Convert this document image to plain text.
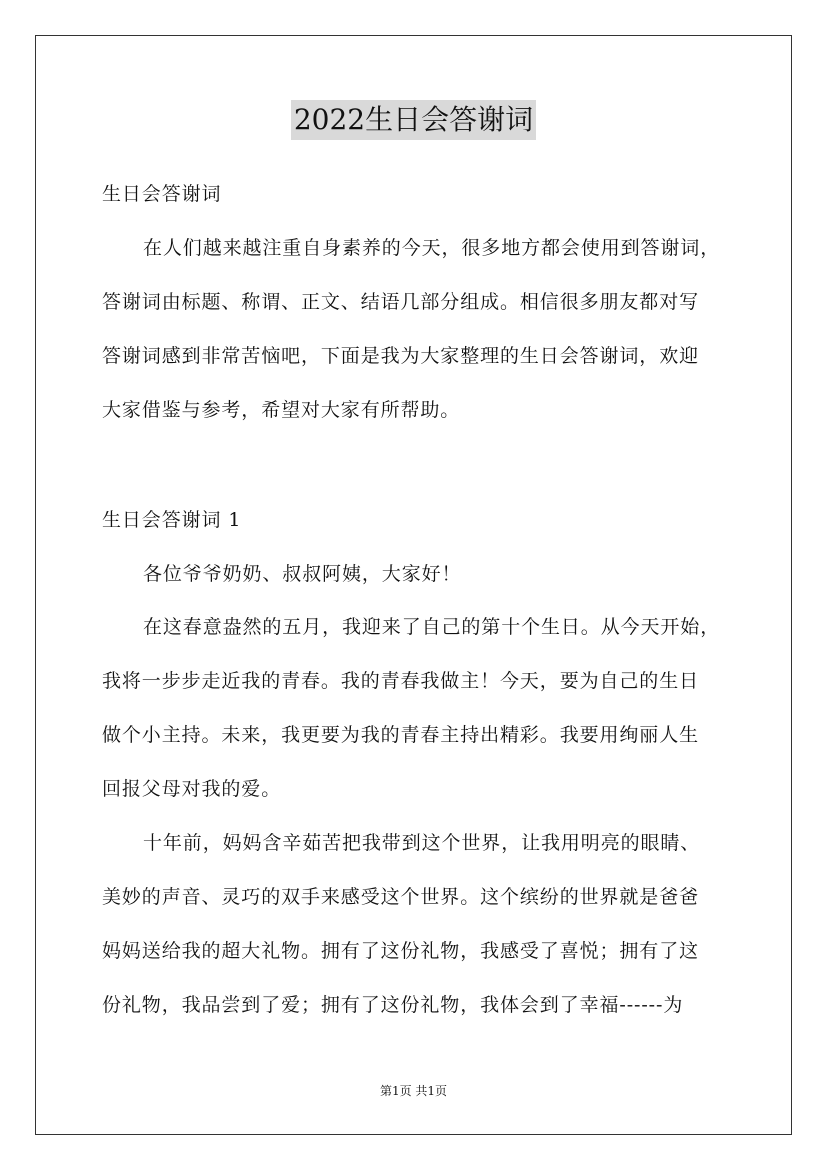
2022生日会答谢词
生日会答谢词
在人们越来越注重自身素养的今天，很多地方都会使用到答谢词，
答谢词由标题、称谓、正文、结语几部分组成。相信很多朋友都对写
答谢词感到非常苦恼吧，下面是我为大家整理的生日会答谢词，欢迎
大家借鉴与参考，希望对大家有所帮助。
生日会答谢词 1
各位爷爷奶奶、叔叔阿姨，大家好！
在这春意盎然的五月，我迎来了自己的第十个生日。从今天开始，
我将一步步走近我的青春。我的青春我做主！今天，要为自己的生日
做个小主持。未来，我更要为我的青春主持出精彩。我要用绚丽人生
回报父母对我的爱。
十年前，妈妈含辛茹苦把我带到这个世界，让我用明亮的眼睛、
美妙的声音、灵巧的双手来感受这个世界。这个缤纷的世界就是爸爸
妈妈送给我的超大礼物。拥有了这份礼物，我感受了喜悦；拥有了这
份礼物，我品尝到了爱；拥有了这份礼物，我体会到了幸福------为
第1页 共1页
